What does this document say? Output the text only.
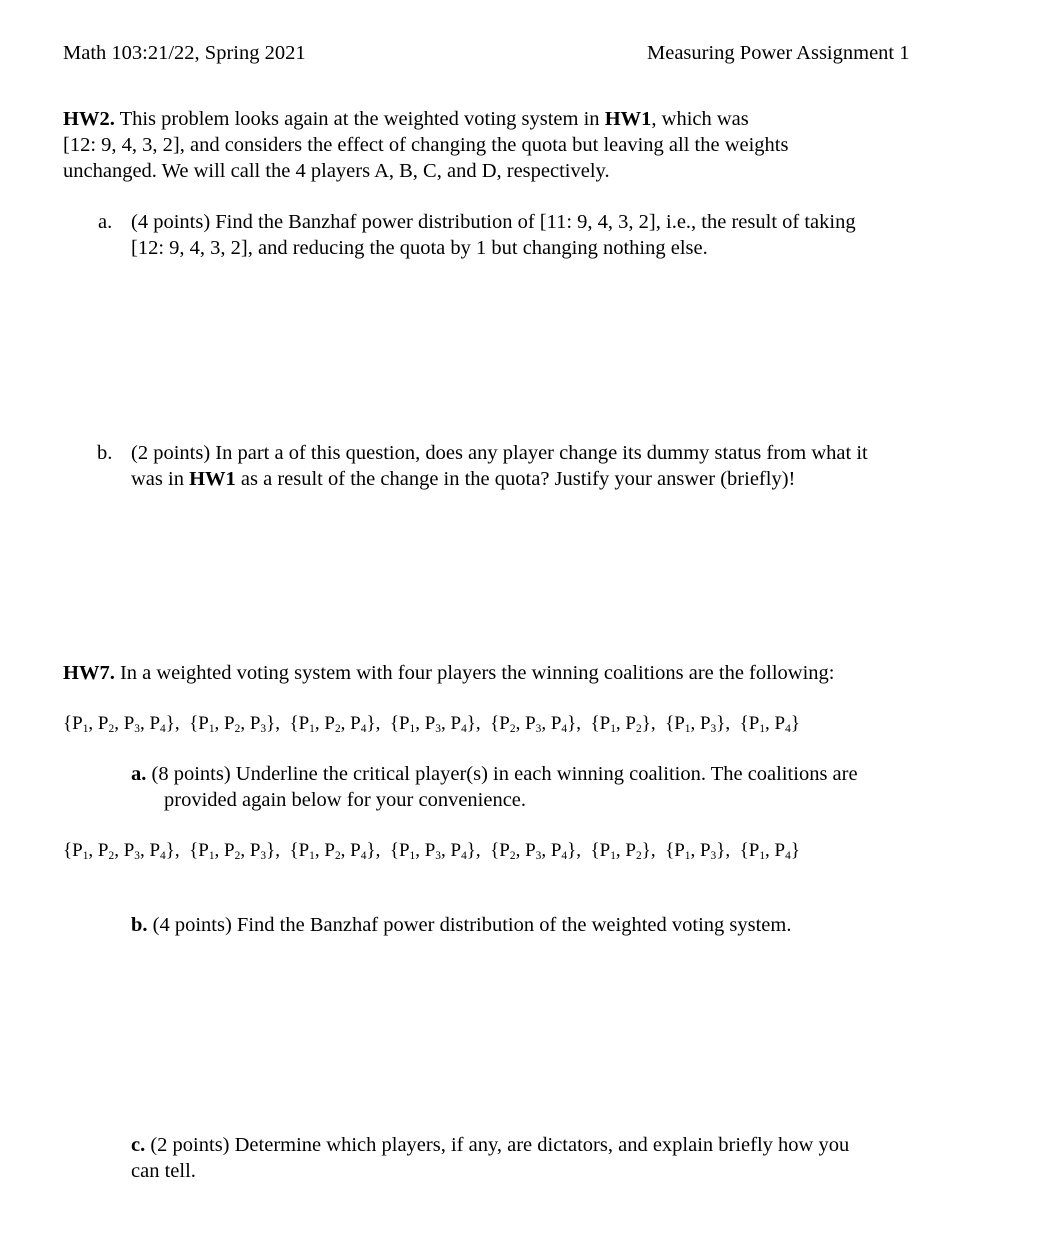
Math 103:21/22, Spring 2021	Measuring Power Assignment 1
HW2. This problem looks again at the weighted voting system in HW1, which was
[12: 9, 4, 3, 2], and considers the effect of changing the quota but leaving all the weights
unchanged. We will call the 4 players A, B, C, and D, respectively.
a. (4 points) Find the Banzhaf power distribution of [11: 9, 4, 3, 2], i.e., the result of taking
[12: 9, 4, 3, 2], and reducing the quota by 1 but changing nothing else.
b. (2 points) In part a of this question, does any player change its dummy status from what it
was in HW1 as a result of the change in the quota? Justify your answer (briefly)!
HW7. In a weighted voting system with four players the winning coalitions are the following:
{$P_1$, $P_2$, $P_3$, $P_4$},  {$P_1$, $P_2$, $P_3$},  {$P_1$, $P_2$, $P_4$},  {$P_1$, $P_3$, $P_4$},  {$P_2$, $P_3$, $P_4$},  {$P_1$, $P_2$},  {$P_1$, $P_3$},  {$P_1$, $P_4$}
a. (8 points) Underline the critical player(s) in each winning coalition. The coalitions are
provided again below for your convenience.
{$P_1$, $P_2$, $P_3$, $P_4$},  {$P_1$, $P_2$, $P_3$},  {$P_1$, $P_2$, $P_4$},  {$P_1$, $P_3$, $P_4$},  {$P_2$, $P_3$, $P_4$},  {$P_1$, $P_2$},  {$P_1$, $P_3$},  {$P_1$, $P_4$}
b. (4 points) Find the Banzhaf power distribution of the weighted voting system.
c. (2 points) Determine which players, if any, are dictators, and explain briefly how you
can tell.
